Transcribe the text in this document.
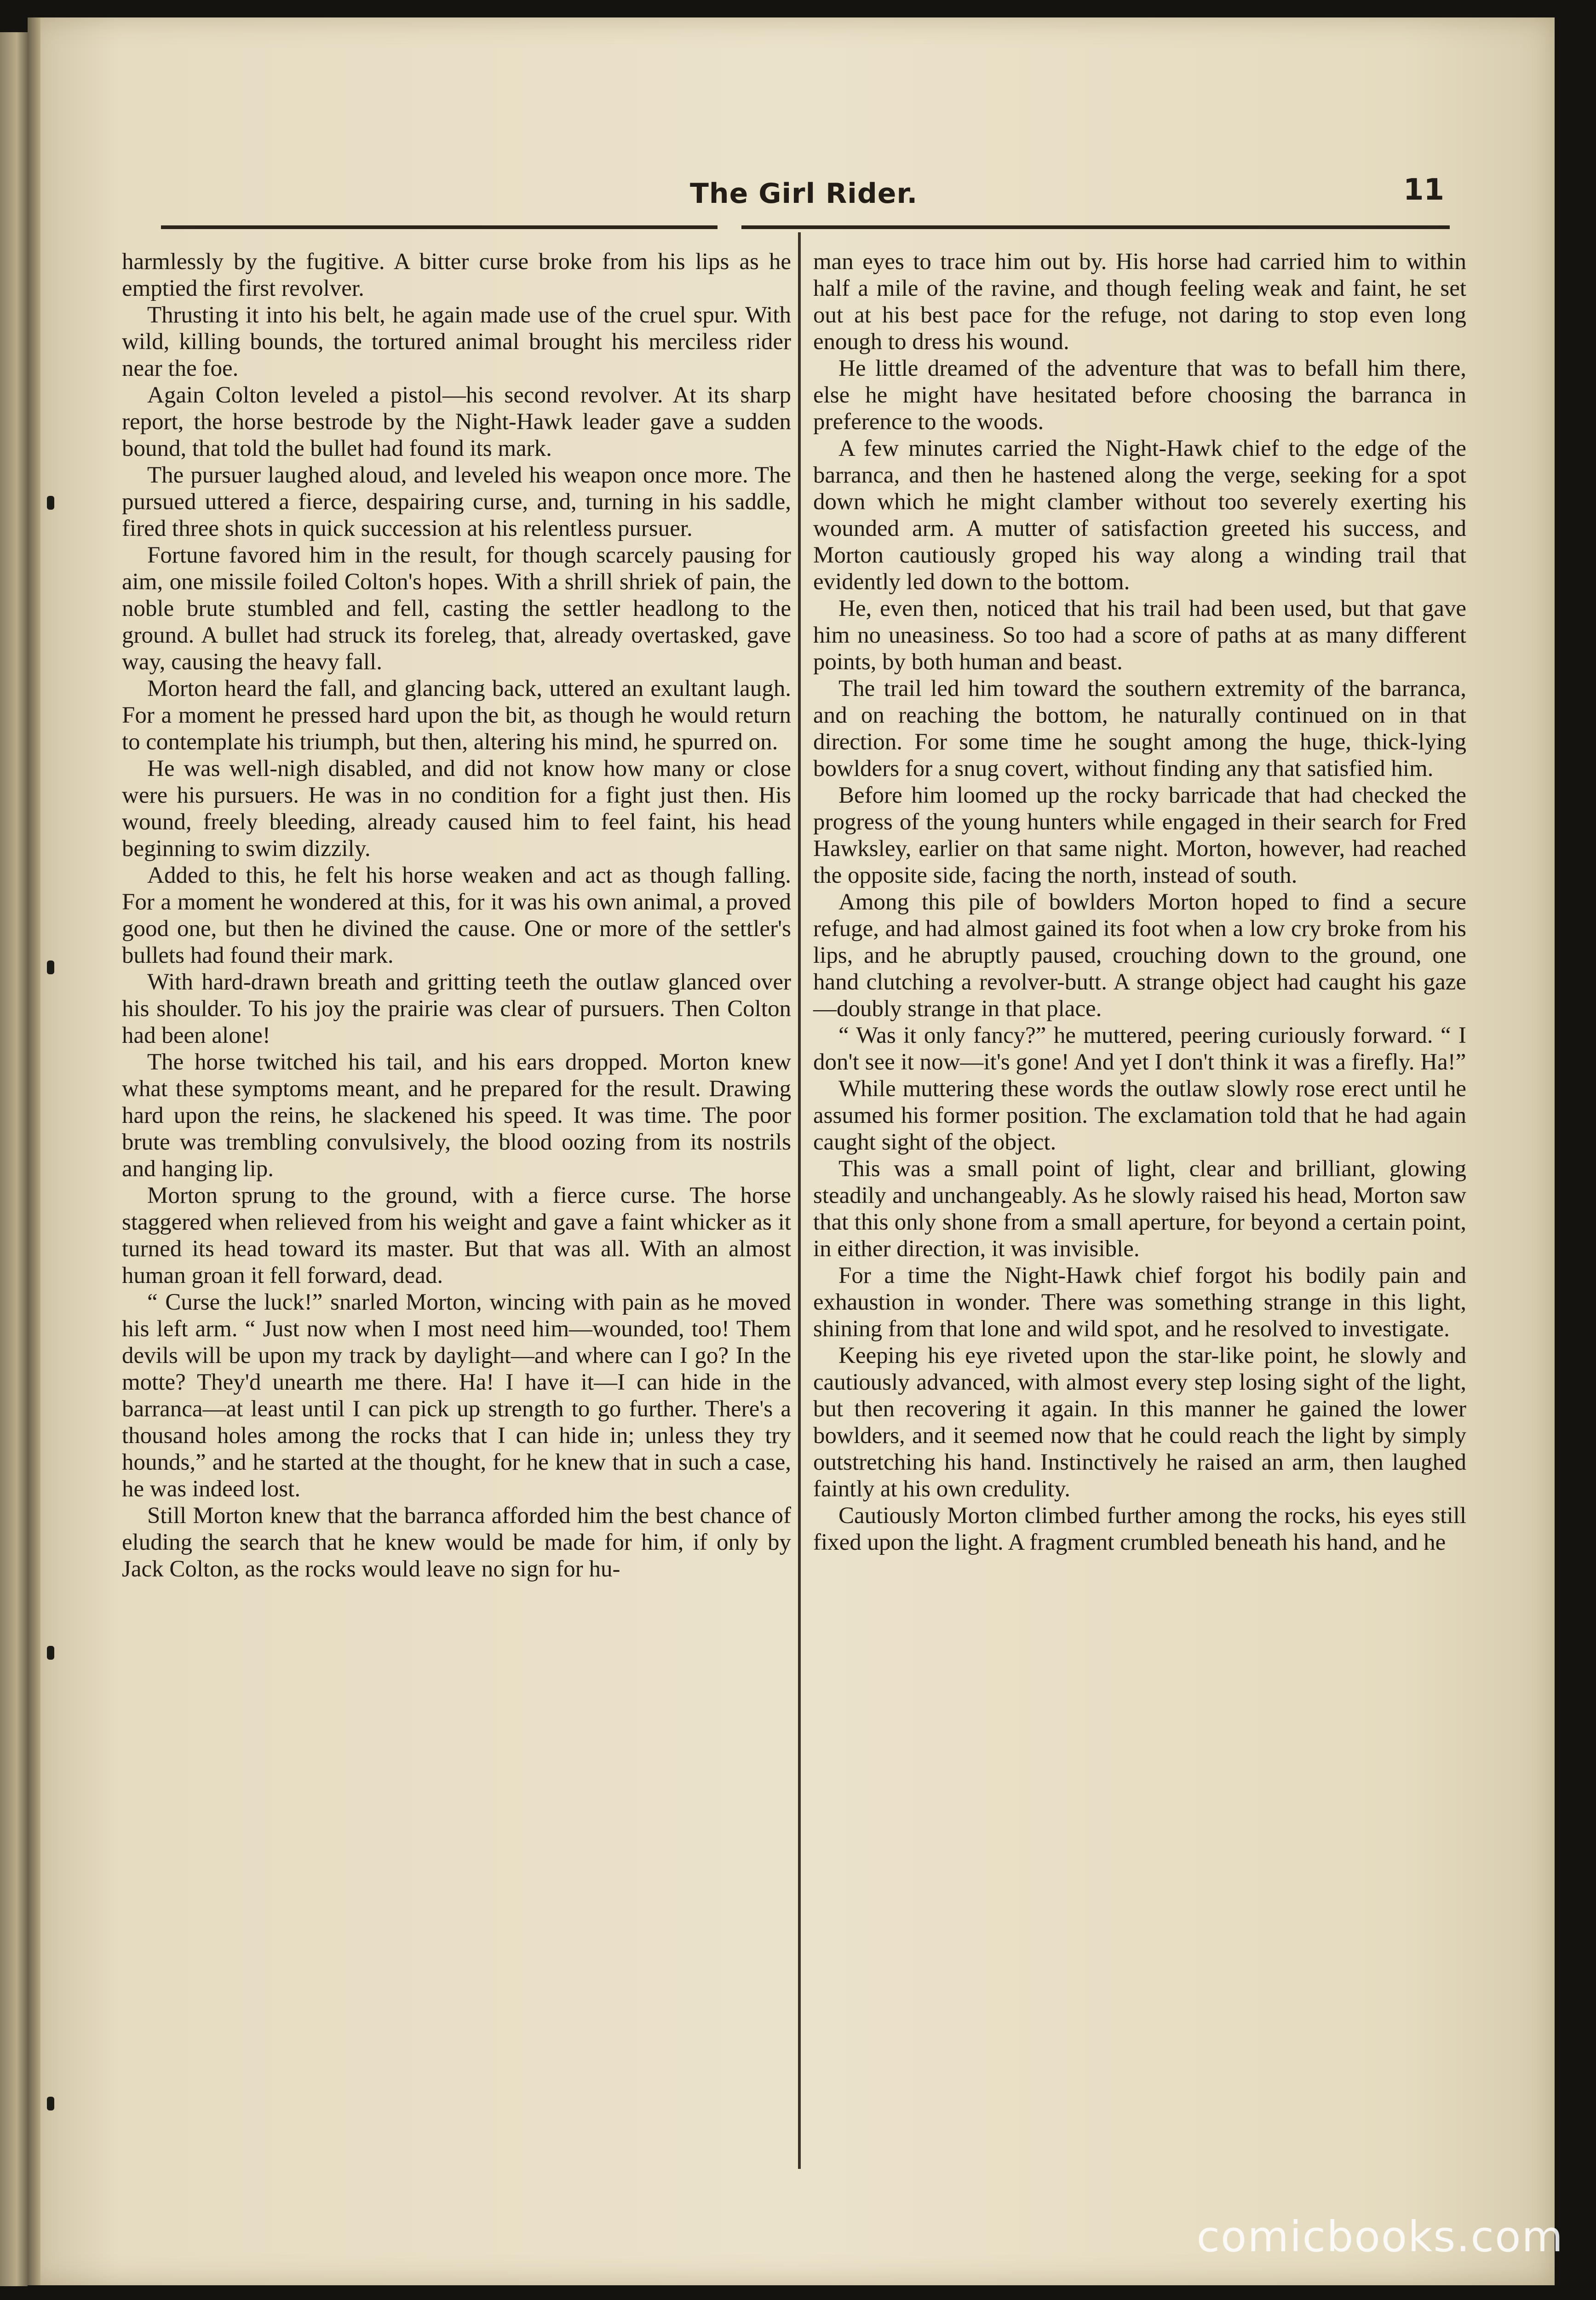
The Girl Rider.	11

harmlessly by the fugitive. A bitter curse broke from his lips as he emptied the first revolver.

Thrusting it into his belt, he again made use of the cruel spur. With wild, killing bounds, the tortured animal brought his merciless rider near the foe.

Again Colton leveled a pistol—his second revolver. At its sharp report, the horse bestrode by the Night-Hawk leader gave a sudden bound, that told the bullet had found its mark.

The pursuer laughed aloud, and leveled his weapon once more. The pursued uttered a fierce, despairing curse, and, turning in his saddle, fired three shots in quick succession at his relentless pursuer.

Fortune favored him in the result, for though scarcely pausing for aim, one missile foiled Colton's hopes. With a shrill shriek of pain, the noble brute stumbled and fell, casting the settler headlong to the ground. A bullet had struck its foreleg, that, already overtasked, gave way, causing the heavy fall.

Morton heard the fall, and glancing back, uttered an exultant laugh. For a moment he pressed hard upon the bit, as though he would return to contemplate his triumph, but then, altering his mind, he spurred on.

He was well-nigh disabled, and did not know how many or close were his pursuers. He was in no condition for a fight just then. His wound, freely bleeding, already caused him to feel faint, his head beginning to swim dizzily.

Added to this, he felt his horse weaken and act as though falling. For a moment he wondered at this, for it was his own animal, a proved good one, but then he divined the cause. One or more of the settler's bullets had found their mark.

With hard-drawn breath and gritting teeth the outlaw glanced over his shoulder. To his joy the prairie was clear of pursuers. Then Colton had been alone!

The horse twitched his tail, and his ears dropped. Morton knew what these symptoms meant, and he prepared for the result. Drawing hard upon the reins, he slackened his speed. It was time. The poor brute was trembling convulsively, the blood oozing from its nostrils and hanging lip.

Morton sprung to the ground, with a fierce curse. The horse staggered when relieved from his weight and gave a faint whicker as it turned its head toward its master. But that was all. With an almost human groan it fell forward, dead.

“ Curse the luck!” snarled Morton, wincing with pain as he moved his left arm. “ Just now when I most need him—wounded, too! Them devils will be upon my track by daylight—and where can I go? In the motte? They'd unearth me there. Ha! I have it—I can hide in the barranca—at least until I can pick up strength to go further. There's a thousand holes among the rocks that I can hide in; unless they try hounds,” and he started at the thought, for he knew that in such a case, he was indeed lost.

Still Morton knew that the barranca afforded him the best chance of eluding the search that he knew would be made for him, if only by Jack Colton, as the rocks would leave no sign for hu-

man eyes to trace him out by. His horse had carried him to within half a mile of the ravine, and though feeling weak and faint, he set out at his best pace for the refuge, not daring to stop even long enough to dress his wound.

He little dreamed of the adventure that was to befall him there, else he might have hesitated before choosing the barranca in preference to the woods.

A few minutes carried the Night-Hawk chief to the edge of the barranca, and then he hastened along the verge, seeking for a spot down which he might clamber without too severely exerting his wounded arm. A mutter of satisfaction greeted his success, and Morton cautiously groped his way along a winding trail that evidently led down to the bottom.

He, even then, noticed that his trail had been used, but that gave him no uneasiness. So too had a score of paths at as many different points, by both human and beast.

The trail led him toward the southern extremity of the barranca, and on reaching the bottom, he naturally continued on in that direction. For some time he sought among the huge, thick-lying bowlders for a snug covert, without finding any that satisfied him.

Before him loomed up the rocky barricade that had checked the progress of the young hunters while engaged in their search for Fred Hawksley, earlier on that same night. Morton, however, had reached the opposite side, facing the north, instead of south.

Among this pile of bowlders Morton hoped to find a secure refuge, and had almost gained its foot when a low cry broke from his lips, and he abruptly paused, crouching down to the ground, one hand clutching a revolver-butt. A strange object had caught his gaze—doubly strange in that place.

“ Was it only fancy?” he muttered, peering curiously forward. “ I don't see it now—it's gone! And yet I don't think it was a firefly. Ha!”

While muttering these words the outlaw slowly rose erect until he assumed his former position. The exclamation told that he had again caught sight of the object.

This was a small point of light, clear and brilliant, glowing steadily and unchangeably. As he slowly raised his head, Morton saw that this only shone from a small aperture, for beyond a certain point, in either direction, it was invisible.

For a time the Night-Hawk chief forgot his bodily pain and exhaustion in wonder. There was something strange in this light, shining from that lone and wild spot, and he resolved to investigate.

Keeping his eye riveted upon the star-like point, he slowly and cautiously advanced, with almost every step losing sight of the light, but then recovering it again. In this manner he gained the lower bowlders, and it seemed now that he could reach the light by simply outstretching his hand. Instinctively he raised an arm, then laughed faintly at his own credulity.

Cautiously Morton climbed further among the rocks, his eyes still fixed upon the light. A fragment crumbled beneath his hand, and he

comicbooks.com
